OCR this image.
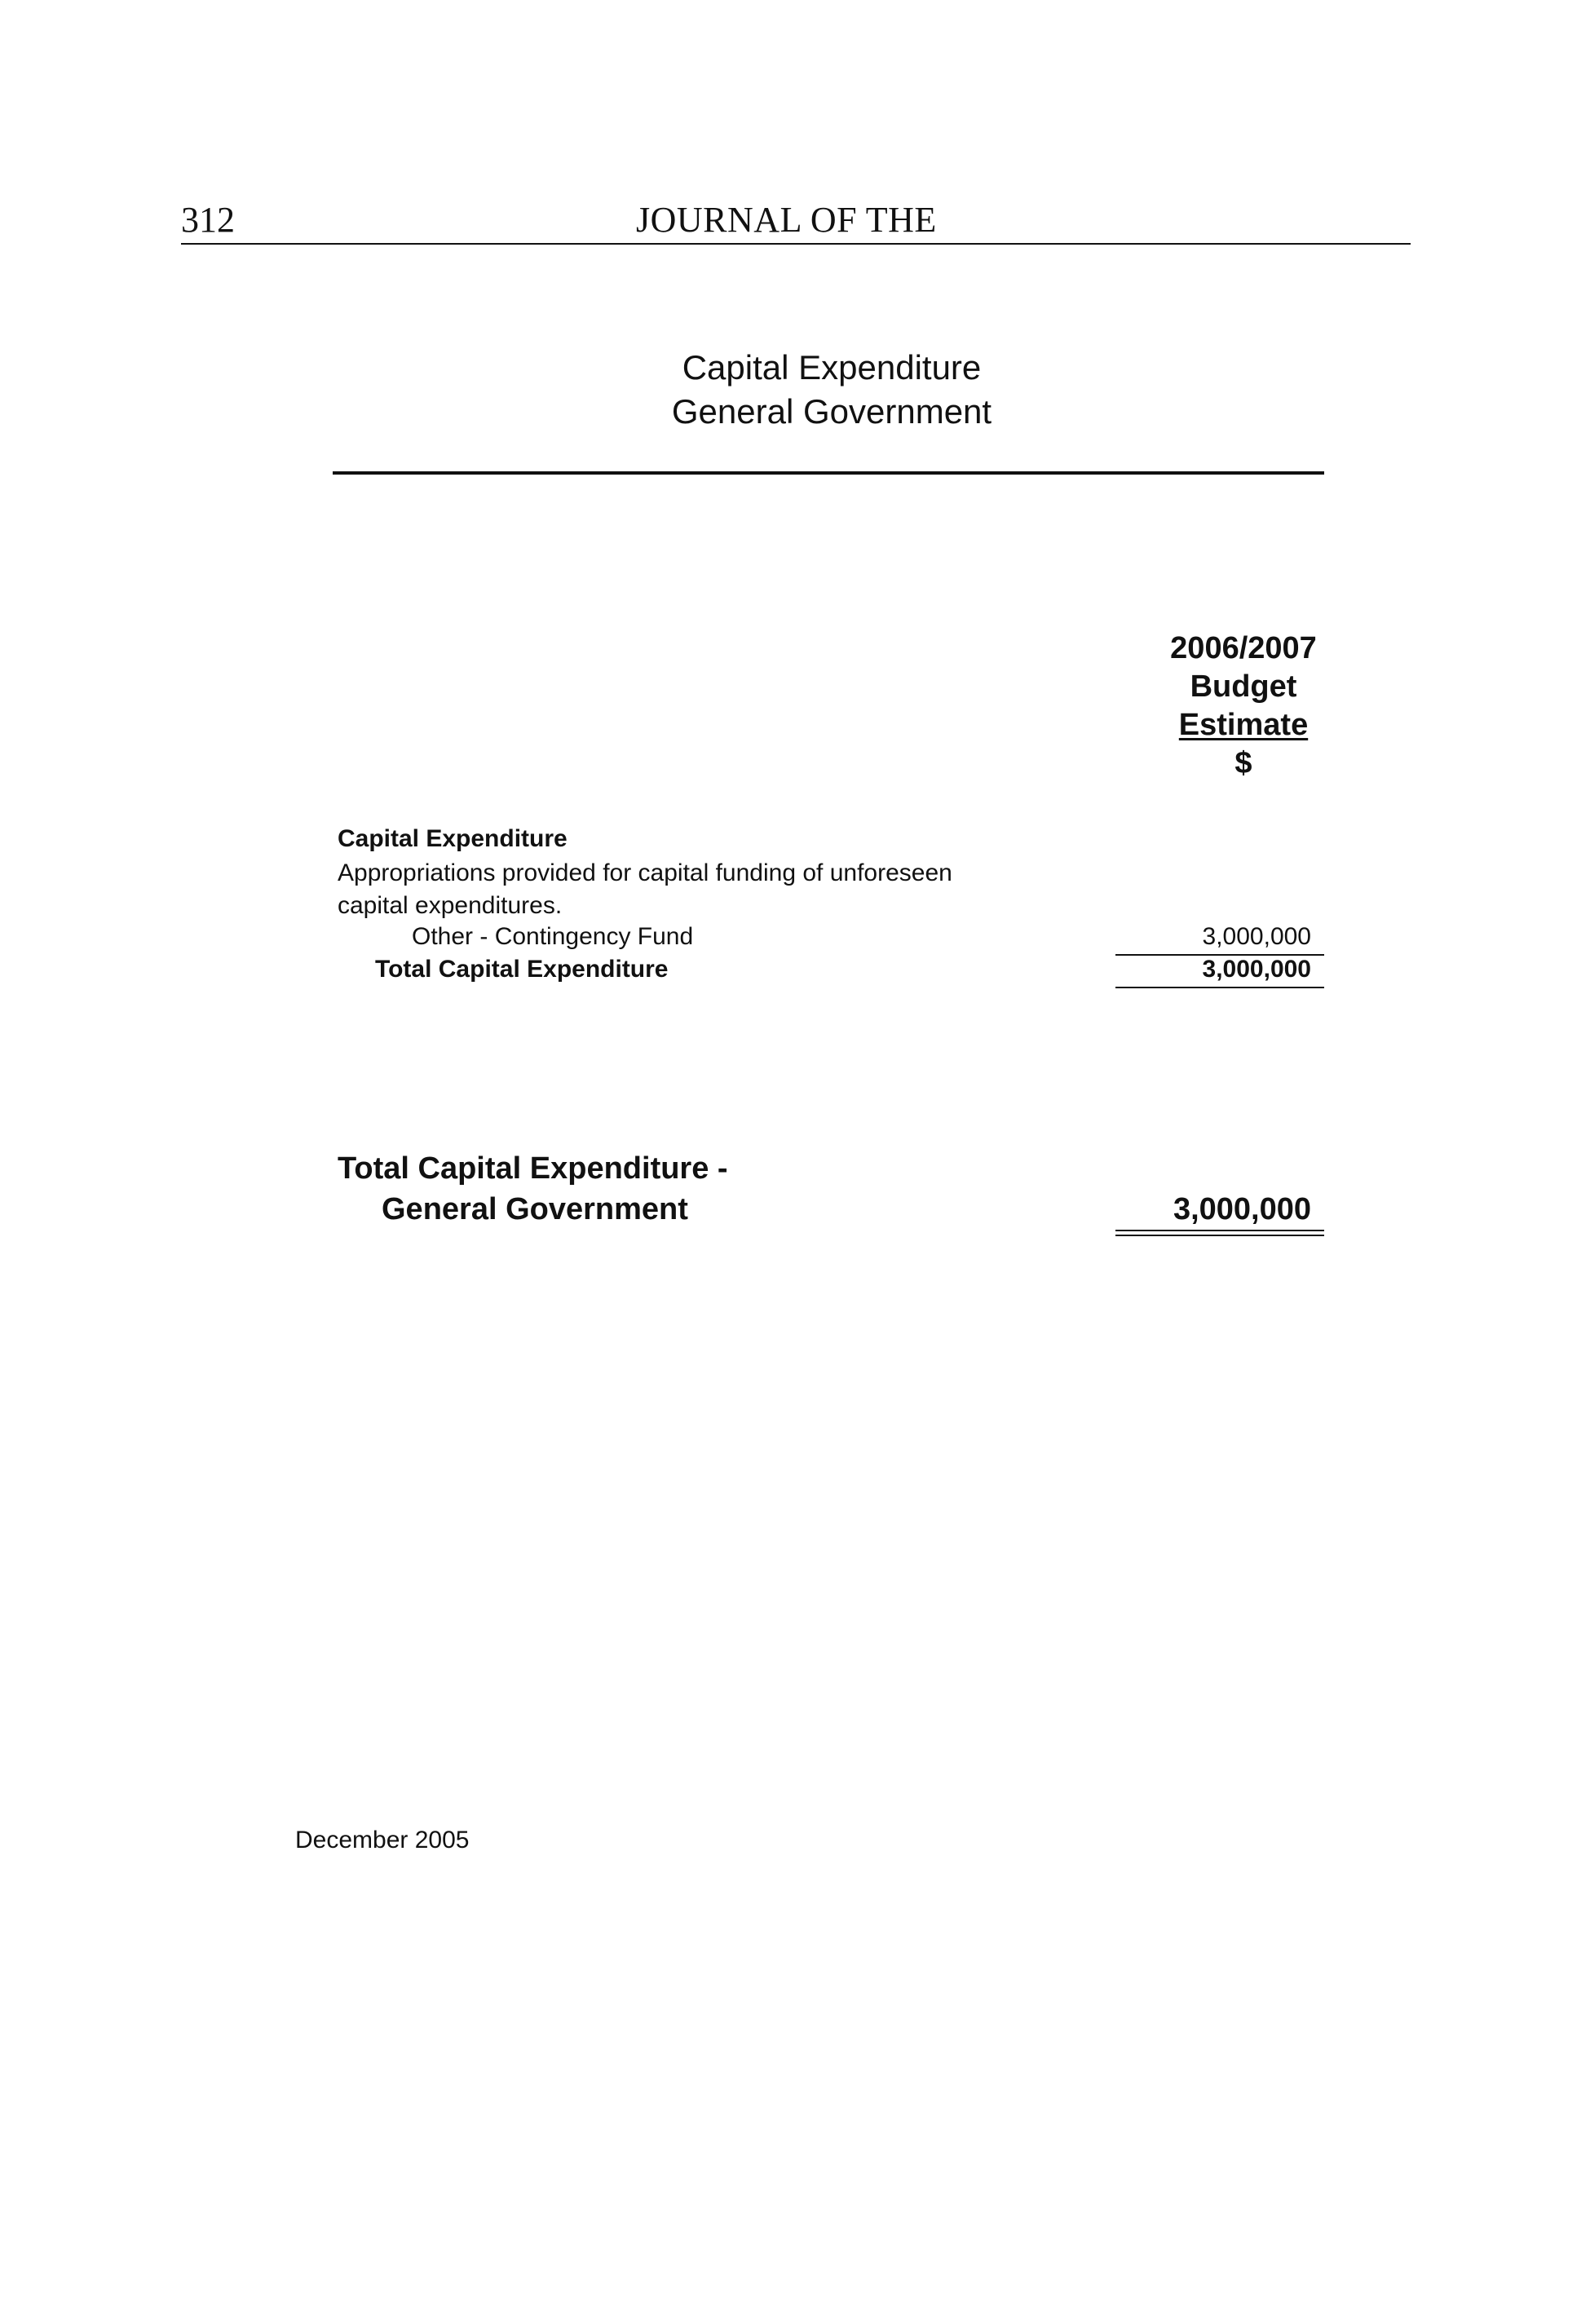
312	JOURNAL OF THE
Capital Expenditure
General Government
2006/2007
Budget
Estimate
$
Capital Expenditure
Appropriations provided for capital funding of unforeseen
capital expenditures.
Other - Contingency Fund	3,000,000
Total Capital Expenditure	3,000,000
Total Capital Expenditure -
General Government	3,000,000
December 2005
